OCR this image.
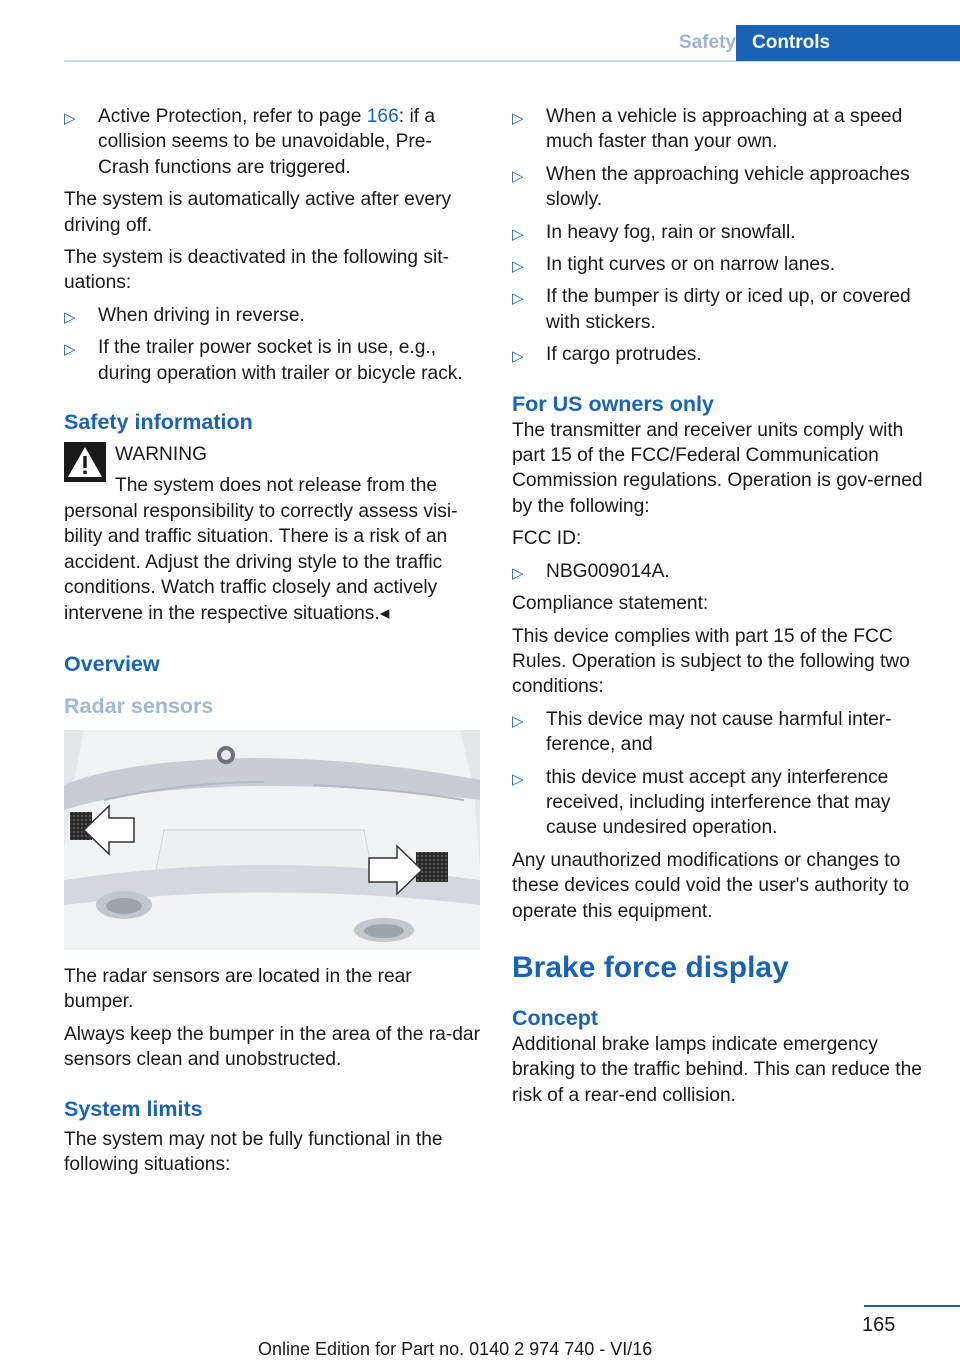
Safety Controls
▷ Active Protection, refer to page 166: if a collision seems to be unavoidable, Pre-Crash functions are triggered.

The system is automatically active after every driving off.

The system is deactivated in the following sit-uations:

▷ When driving in reverse.
▷ If the trailer power socket is in use, e.g., during operation with trailer or bicycle rack.
Safety information
WARNING
The system does not release from the

personal responsibility to correctly assess visi-bility and traffic situation. There is a risk of an accident. Adjust the driving style to the traffic conditions. Watch traffic closely and actively intervene in the respective situations.◂

Overview
Radar sensors

The radar sensors are located in the rear bumper.

Always keep the bumper in the area of the ra-dar sensors clean and unobstructed.

System limits

The system may not be fully functional in the following situations:

▷ When a vehicle is approaching at a speed much faster than your own.
▷ When the approaching vehicle approaches slowly.
▷ In heavy fog, rain or snowfall.
▷ In tight curves or on narrow lanes.
▷ If the bumper is dirty or iced up, or covered with stickers.
▷ If cargo protrudes.
For US owners only

The transmitter and receiver units comply with part 15 of the FCC/Federal Communication Commission regulations. Operation is gov-erned by the following:

FCC ID:

▷ NBG009014A.

Compliance statement:

This device complies with part 15 of the FCC Rules. Operation is subject to the following two conditions:

▷ This device may not cause harmful inter-ference, and
▷ this device must accept any interference received, including interference that may cause undesired operation.

Any unauthorized modifications or changes to these devices could void the user's authority to operate this equipment.

Brake force display
Concept

Additional brake lamps indicate emergency braking to the traffic behind. This can reduce the risk of a rear-end collision.

165
Online Edition for Part no. 0140 2 974 740 - VI/16
